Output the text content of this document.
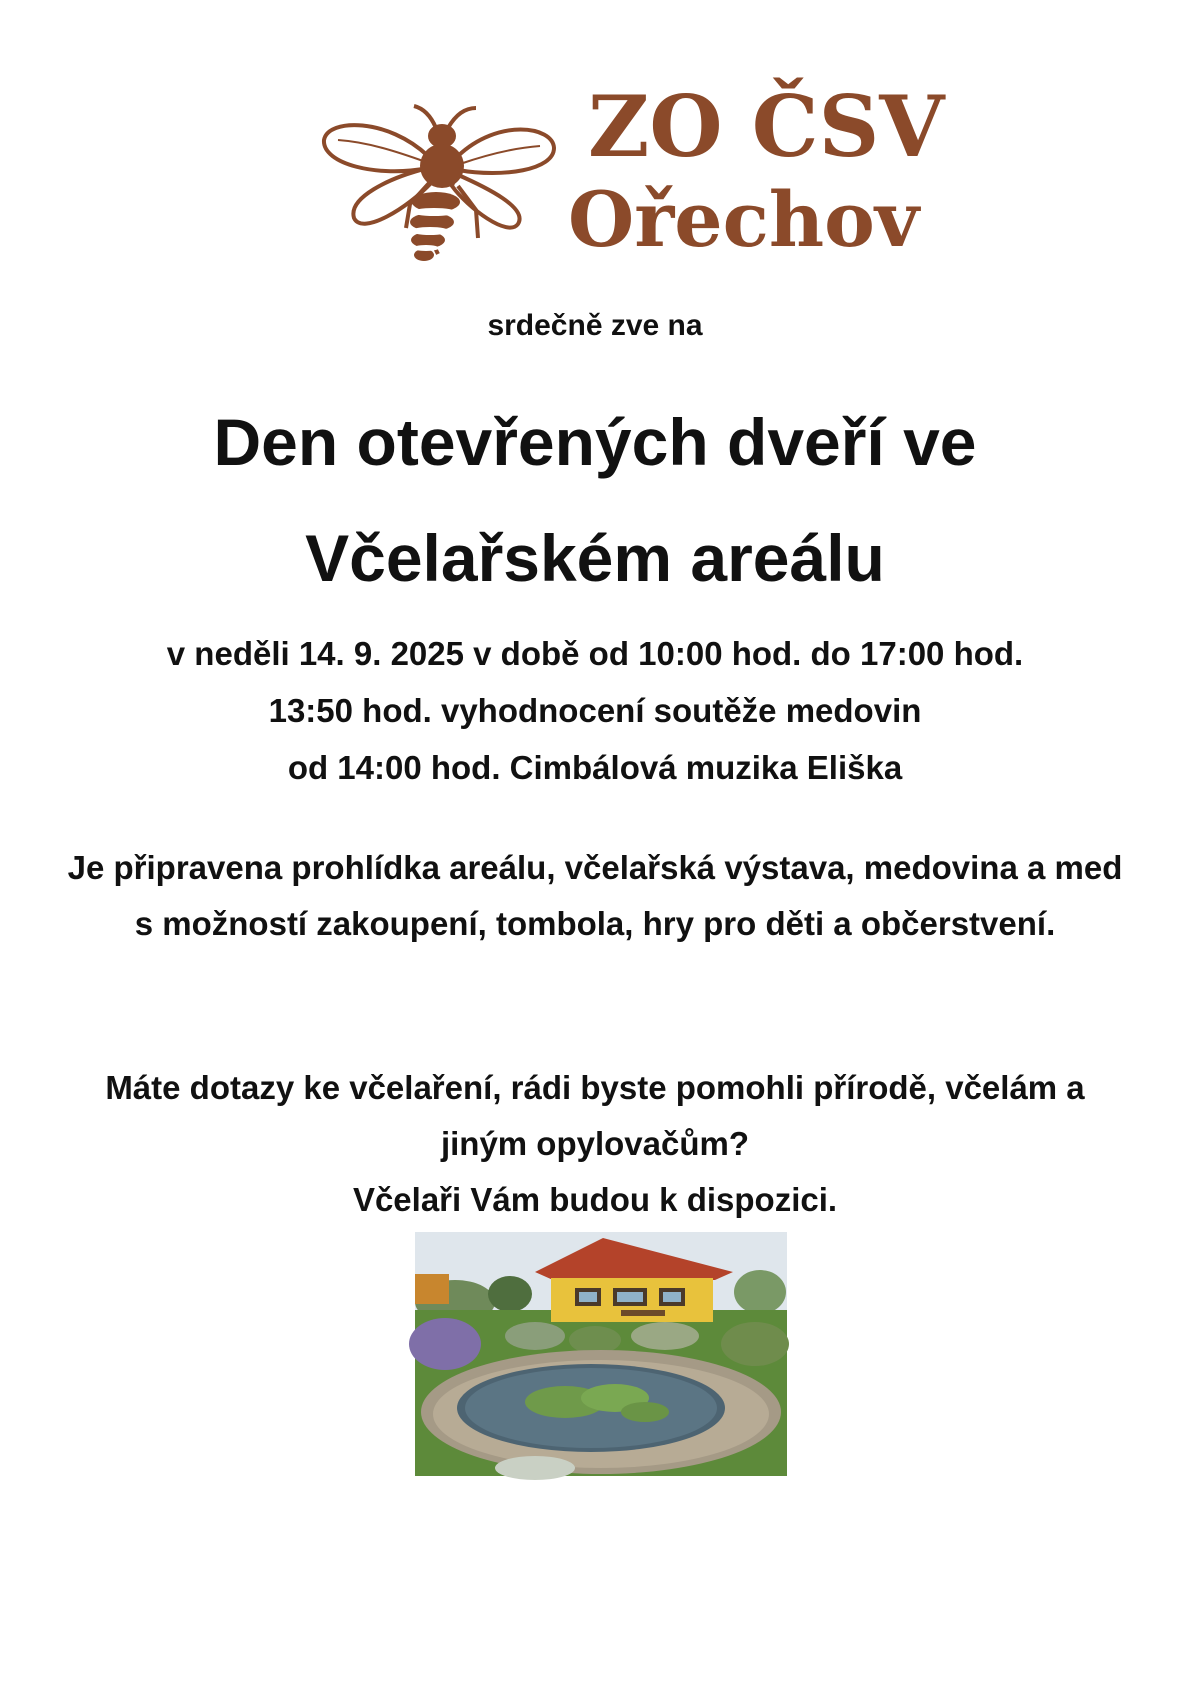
ZO ČSV
Ořechov
srdečně zve na
Den otevřených dveří ve
Včelařském areálu
v neděli 14. 9. 2025 v době od 10:00 hod. do 17:00 hod.
13:50 hod. vyhodnocení soutěže medovin
od 14:00 hod. Cimbálová muzika Eliška
Je připravena prohlídka areálu, včelařská výstava, medovina a med s možností zakoupení, tombola, hry pro děti a občerstvení.
Máte dotazy ke včelaření, rádi byste pomohli přírodě, včelám a jiným opylovačům?
Včelaři Vám budou k dispozici.
